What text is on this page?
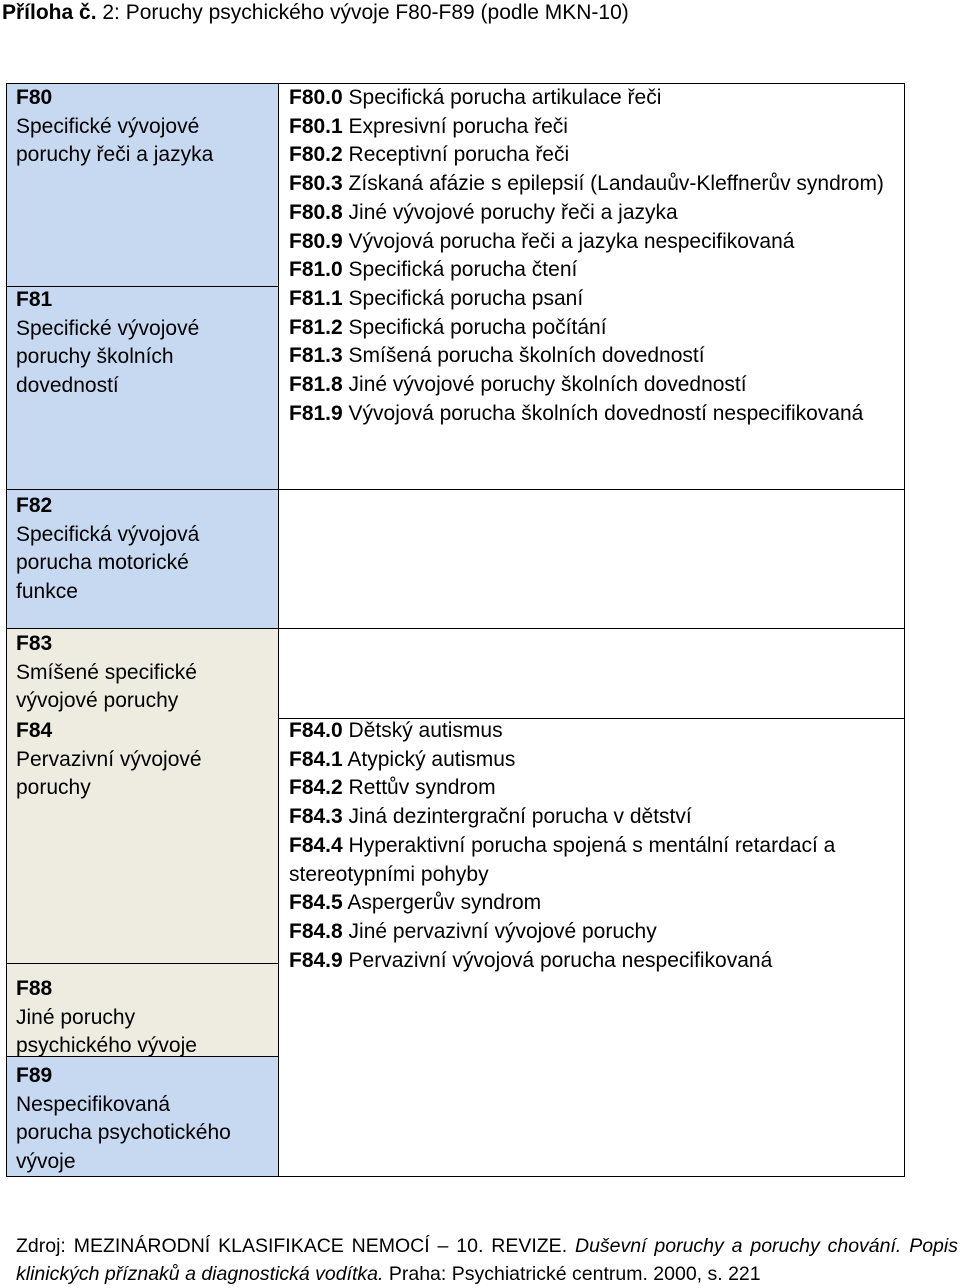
Příloha č. 2: Poruchy psychického vývoje F80-F89 (podle MKN-10)
F80
Specifické vývojové
poruchy řeči a jazyka
F81
Specifické vývojové
poruchy školních
dovedností
F82
Specifická vývojová
porucha motorické
funkce
F83
Smíšené specifické
vývojové poruchy
F84
Pervazivní vývojové
poruchy
F88
Jiné poruchy
psychického vývoje
F89
Nespecifikovaná
porucha psychotického
vývoje
F80.0 Specifická porucha artikulace řeči
F80.1 Expresivní porucha řeči
F80.2 Receptivní porucha řeči
F80.3 Získaná afázie s epilepsií (Landauův-Kleffnerův syndrom)
F80.8 Jiné vývojové poruchy řeči a jazyka
F80.9 Vývojová porucha řeči a jazyka nespecifikovaná
F81.0 Specifická porucha čtení
F81.1 Specifická porucha psaní
F81.2 Specifická porucha počítání
F81.3 Smíšená porucha školních dovedností
F81.8 Jiné vývojové poruchy školních dovedností
F81.9 Vývojová porucha školních dovedností nespecifikovaná
F84.0 Dětský autismus
F84.1 Atypický autismus
F84.2 Rettův syndrom
F84.3 Jiná dezintergrační porucha v dětství
F84.4 Hyperaktivní porucha spojená s mentální retardací a stereotypními pohyby
F84.5 Aspergerův syndrom
F84.8 Jiné pervazivní vývojové poruchy
F84.9 Pervazivní vývojová porucha nespecifikovaná
Zdroj: MEZINÁRODNÍ KLASIFIKACE NEMOCÍ – 10. REVIZE. Duševní poruchy a poruchy chování. Popis klinických příznaků a diagnostická vodítka. Praha: Psychiatrické centrum. 2000, s. 221
